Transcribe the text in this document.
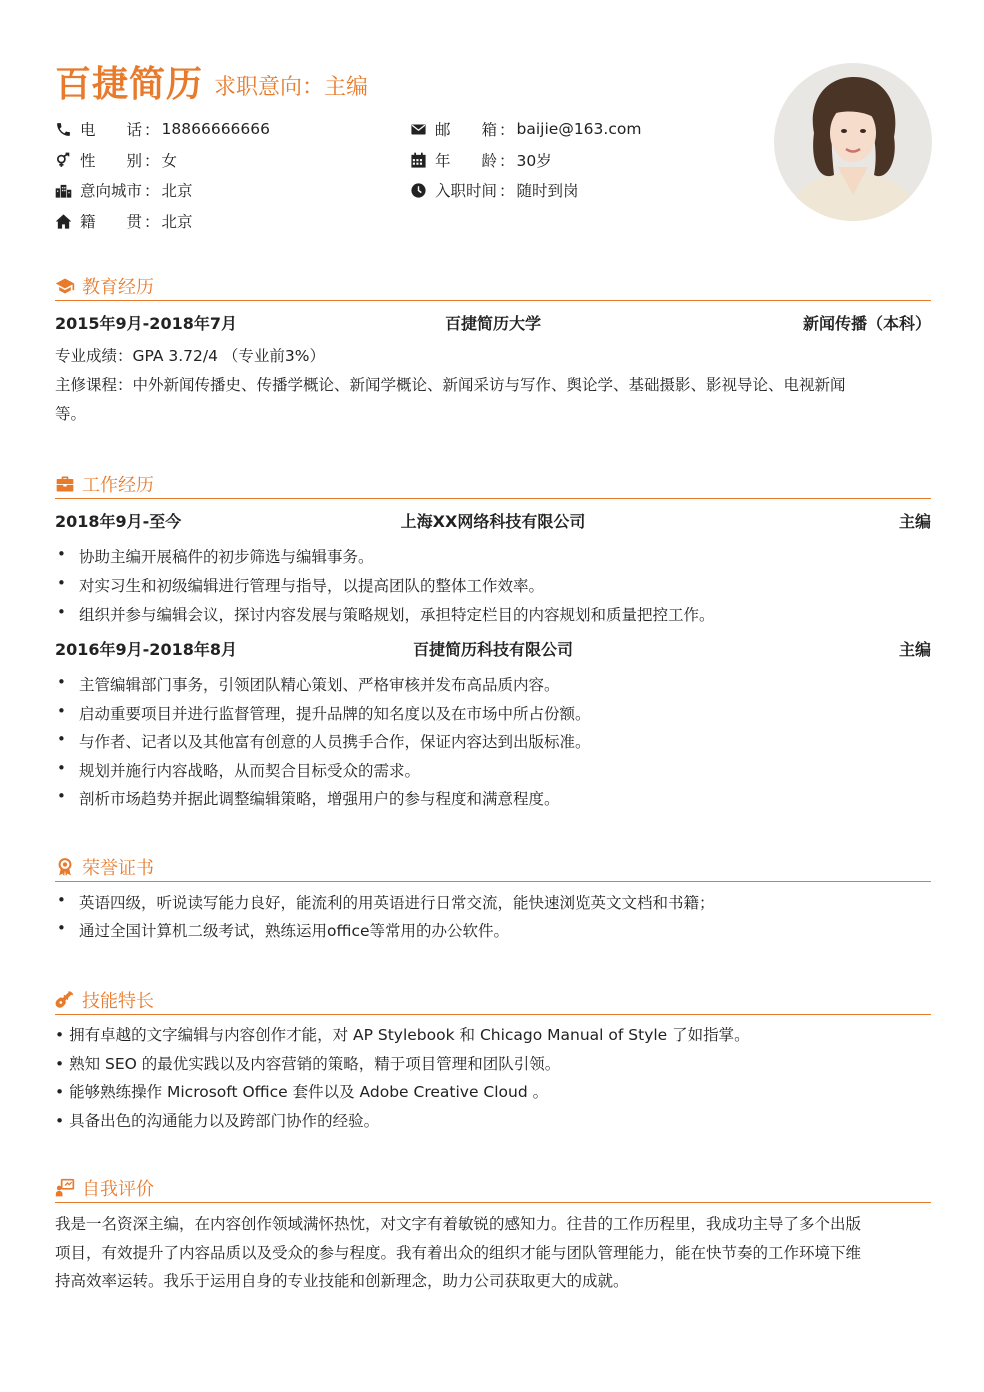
百捷简历 求职意向：主编
电　　话 ： 18866666666	邮　　箱 ： baijie@163.com
性　　别 ： 女	年　　龄 ： 30岁
意向城市 ： 北京	入职时间 ： 随时到岗
籍　　贯 ： 北京
教育经历
2015年9月-2018年7月	百捷简历大学	新闻传播（本科）
专业成绩：GPA 3.72/4 （专业前3%）
主修课程：中外新闻传播史、传播学概论、新闻学概论、新闻采访与写作、舆论学、基础摄影、影视导论、电视新闻
等。
工作经历
2018年9月-至今	上海XX网络科技有限公司	主编
• 协助主编开展稿件的初步筛选与编辑事务。
• 对实习生和初级编辑进行管理与指导，以提高团队的整体工作效率。
• 组织并参与编辑会议，探讨内容发展与策略规划，承担特定栏目的内容规划和质量把控工作。
2016年9月-2018年8月	百捷简历科技有限公司	主编
• 主管编辑部门事务，引领团队精心策划、严格审核并发布高品质内容。
• 启动重要项目并进行监督管理，提升品牌的知名度以及在市场中所占份额。
• 与作者、记者以及其他富有创意的人员携手合作，保证内容达到出版标准。
• 规划并施行内容战略，从而契合目标受众的需求。
• 剖析市场趋势并据此调整编辑策略，增强用户的参与程度和满意程度。
荣誉证书
• 英语四级，听说读写能力良好，能流利的用英语进行日常交流，能快速浏览英文文档和书籍；
• 通过全国计算机二级考试，熟练运用office等常用的办公软件。
技能特长
• 拥有卓越的文字编辑与内容创作才能，对 AP Stylebook 和 Chicago Manual of Style 了如指掌。
• 熟知 SEO 的最优实践以及内容营销的策略，精于项目管理和团队引领。
• 能够熟练操作 Microsoft Office 套件以及 Adobe Creative Cloud 。
• 具备出色的沟通能力以及跨部门协作的经验。
自我评价
我是一名资深主编，在内容创作领域满怀热忱，对文字有着敏锐的感知力。往昔的工作历程里，我成功主导了多个出版
项目，有效提升了内容品质以及受众的参与程度。我有着出众的组织才能与团队管理能力，能在快节奏的工作环境下维
持高效率运转。我乐于运用自身的专业技能和创新理念，助力公司获取更大的成就。
